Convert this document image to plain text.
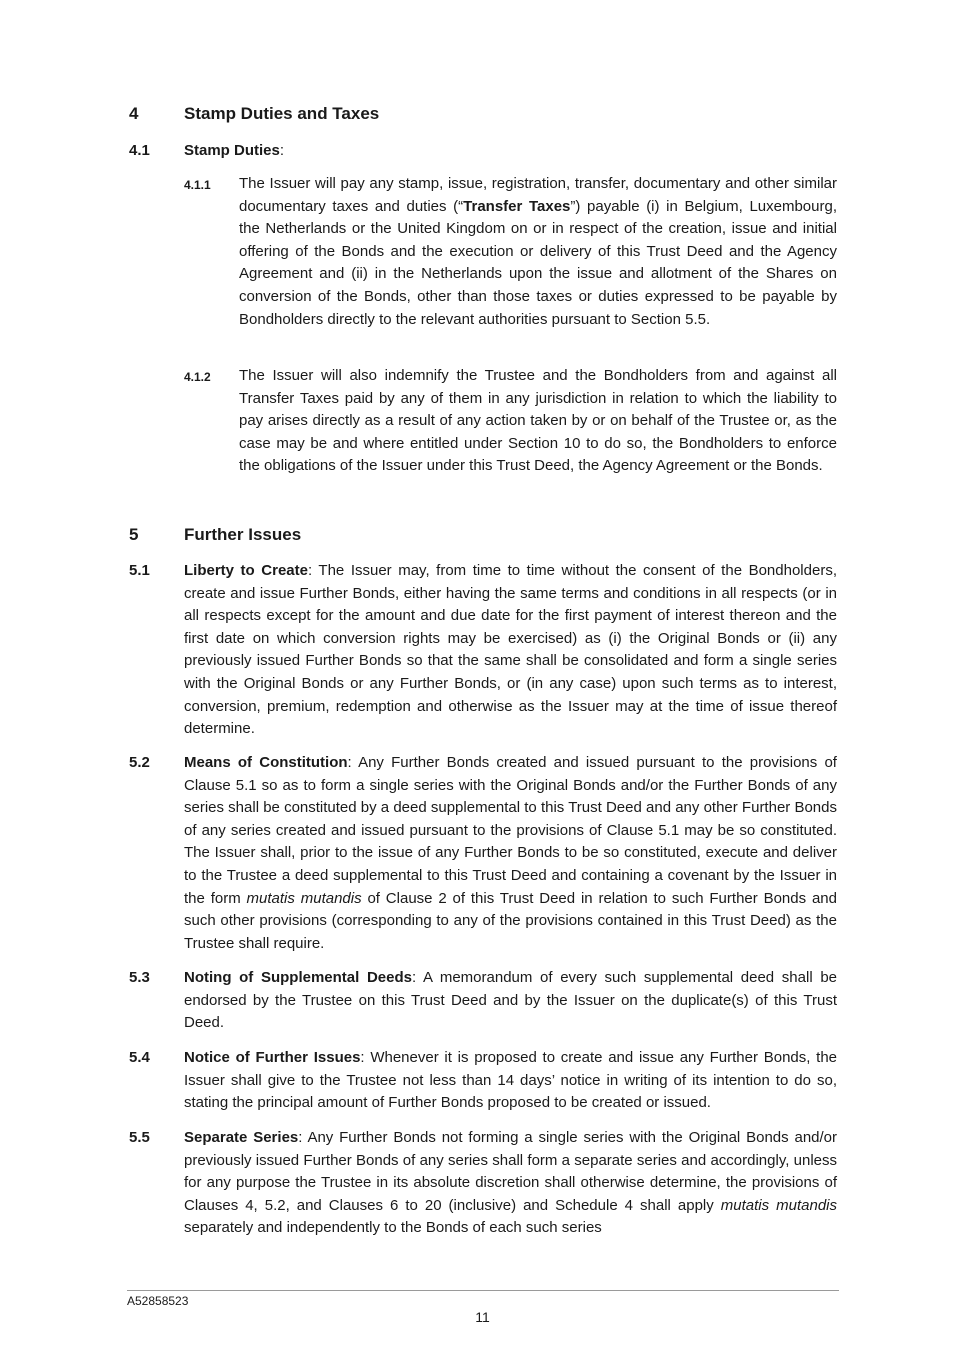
4	Stamp Duties and Taxes
4.1 Stamp Duties:
4.1.1 The Issuer will pay any stamp, issue, registration, transfer, documentary and other similar documentary taxes and duties (“Transfer Taxes”) payable (i) in Belgium, Luxembourg, the Netherlands or the United Kingdom on or in respect of the creation, issue and initial offering of the Bonds and the execution or delivery of this Trust Deed and the Agency Agreement and (ii) in the Netherlands upon the issue and allotment of the Shares on conversion of the Bonds, other than those taxes or duties expressed to be payable by Bondholders directly to the relevant authorities pursuant to Section 5.5.
4.1.2 The Issuer will also indemnify the Trustee and the Bondholders from and against all Transfer Taxes paid by any of them in any jurisdiction in relation to which the liability to pay arises directly as a result of any action taken by or on behalf of the Trustee or, as the case may be and where entitled under Section 10 to do so, the Bondholders to enforce the obligations of the Issuer under this Trust Deed, the Agency Agreement or the Bonds.
5	Further Issues
5.1 Liberty to Create: The Issuer may, from time to time without the consent of the Bondholders, create and issue Further Bonds, either having the same terms and conditions in all respects (or in all respects except for the amount and due date for the first payment of interest thereon and the first date on which conversion rights may be exercised) as (i) the Original Bonds or (ii) any previously issued Further Bonds so that the same shall be consolidated and form a single series with the Original Bonds or any Further Bonds, or (in any case) upon such terms as to interest, conversion, premium, redemption and otherwise as the Issuer may at the time of issue thereof determine.
5.2 Means of Constitution: Any Further Bonds created and issued pursuant to the provisions of Clause 5.1 so as to form a single series with the Original Bonds and/or the Further Bonds of any series shall be constituted by a deed supplemental to this Trust Deed and any other Further Bonds of any series created and issued pursuant to the provisions of Clause 5.1 may be so constituted. The Issuer shall, prior to the issue of any Further Bonds to be so constituted, execute and deliver to the Trustee a deed supplemental to this Trust Deed and containing a covenant by the Issuer in the form mutatis mutandis of Clause 2 of this Trust Deed in relation to such Further Bonds and such other provisions (corresponding to any of the provisions contained in this Trust Deed) as the Trustee shall require.
5.3 Noting of Supplemental Deeds: A memorandum of every such supplemental deed shall be endorsed by the Trustee on this Trust Deed and by the Issuer on the duplicate(s) of this Trust Deed.
5.4 Notice of Further Issues: Whenever it is proposed to create and issue any Further Bonds, the Issuer shall give to the Trustee not less than 14 days’ notice in writing of its intention to do so, stating the principal amount of Further Bonds proposed to be created or issued.
5.5 Separate Series: Any Further Bonds not forming a single series with the Original Bonds and/or previously issued Further Bonds of any series shall form a separate series and accordingly, unless for any purpose the Trustee in its absolute discretion shall otherwise determine, the provisions of Clauses 4, 5.2, and Clauses 6 to 20 (inclusive) and Schedule 4 shall apply mutatis mutandis separately and independently to the Bonds of each such series
A52858523
11
